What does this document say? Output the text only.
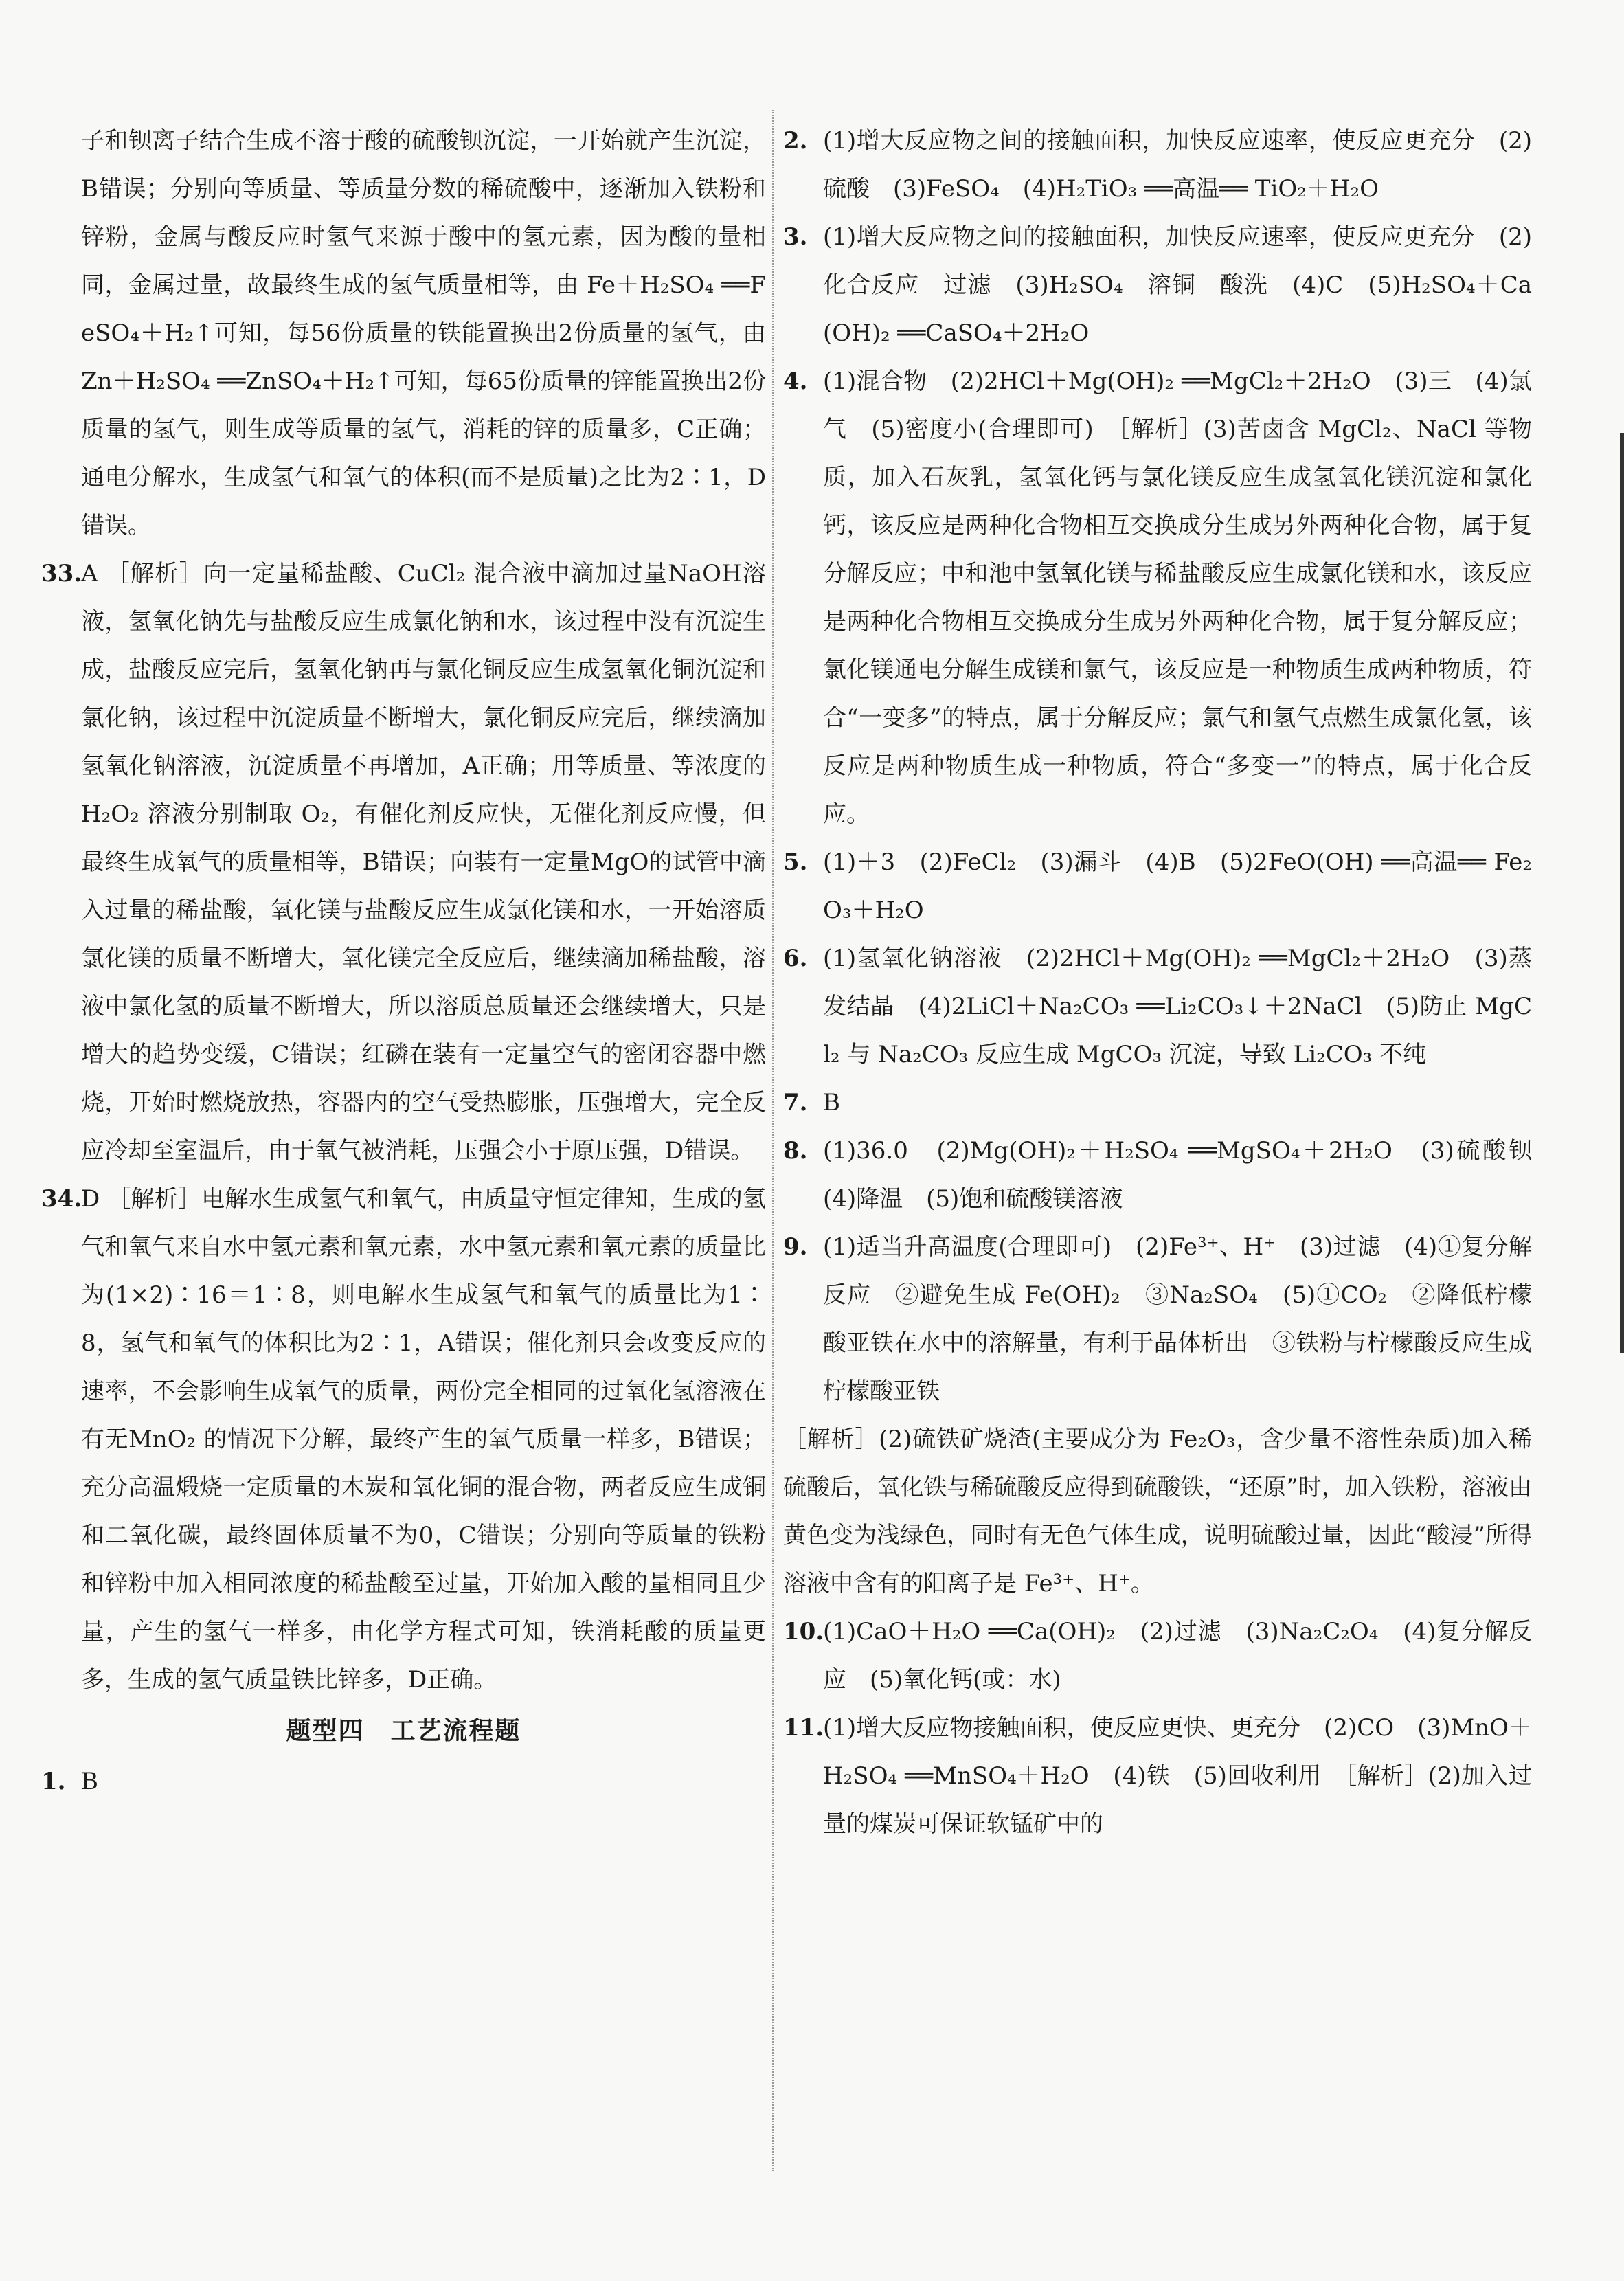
子和钡离子结合生成不溶于酸的硫酸钡沉淀，一开始就产生沉淀，B错误；分别向等质量、等质量分数的稀硫酸中，逐渐加入铁粉和锌粉，金属与酸反应时氢气来源于酸中的氢元素，因为酸的量相同，金属过量，故最终生成的氢气质量相等，由 Fe＋H₂SO₄ ══FeSO₄＋H₂↑可知，每56份质量的铁能置换出2份质量的氢气，由 Zn＋H₂SO₄ ══ZnSO₄＋H₂↑可知，每65份质量的锌能置换出2份质量的氢气，则生成等质量的氢气，消耗的锌的质量多，C正确；通电分解水，生成氢气和氧气的体积(而不是质量)之比为2∶1，D错误。

33.

A ［解析］向一定量稀盐酸、CuCl₂ 混合液中滴加过量NaOH溶液，氢氧化钠先与盐酸反应生成氯化钠和水，该过程中没有沉淀生成，盐酸反应完后，氢氧化钠再与氯化铜反应生成氢氧化铜沉淀和氯化钠，该过程中沉淀质量不断增大，氯化铜反应完后，继续滴加氢氧化钠溶液，沉淀质量不再增加，A正确；用等质量、等浓度的H₂O₂ 溶液分别制取 O₂，有催化剂反应快，无催化剂反应慢，但最终生成氧气的质量相等，B错误；向装有一定量MgO的试管中滴入过量的稀盐酸，氧化镁与盐酸反应生成氯化镁和水，一开始溶质氯化镁的质量不断增大，氧化镁完全反应后，继续滴加稀盐酸，溶液中氯化氢的质量不断增大，所以溶质总质量还会继续增大，只是增大的趋势变缓，C错误；红磷在装有一定量空气的密闭容器中燃烧，开始时燃烧放热，容器内的空气受热膨胀，压强增大，完全反应冷却至室温后，由于氧气被消耗，压强会小于原压强，D错误。

34.

D ［解析］电解水生成氢气和氧气，由质量守恒定律知，生成的氢气和氧气来自水中氢元素和氧元素，水中氢元素和氧元素的质量比为(1×2)∶16＝1∶8，则电解水生成氢气和氧气的质量比为1∶8，氢气和氧气的体积比为2∶1，A错误；催化剂只会改变反应的速率，不会影响生成氧气的质量，两份完全相同的过氧化氢溶液在有无MnO₂ 的情况下分解，最终产生的氧气质量一样多，B错误；充分高温煅烧一定质量的木炭和氧化铜的混合物，两者反应生成铜和二氧化碳，最终固体质量不为0，C错误；分别向等质量的铁粉和锌粉中加入相同浓度的稀盐酸至过量，开始加入酸的量相同且少量，产生的氢气一样多，由化学方程式可知，铁消耗酸的质量更多，生成的氢气质量铁比锌多，D正确。

题型四　工艺流程题
1. B

2. (1)增大反应物之间的接触面积，加快反应速率，使反应更充分　(2)硫酸　(3)FeSO₄　(4)H₂TiO₃ ══高温══ TiO₂＋H₂O

3. (1)增大反应物之间的接触面积，加快反应速率，使反应更充分　(2)化合反应　过滤　(3)H₂SO₄　溶铜　酸洗　(4)C　(5)H₂SO₄＋Ca(OH)₂ ══CaSO₄＋2H₂O

4. (1)混合物　(2)2HCl＋Mg(OH)₂ ══MgCl₂＋2H₂O　(3)三　(4)氯气　(5)密度小(合理即可)　［解析］(3)苦卤含 MgCl₂、NaCl 等物质，加入石灰乳，氢氧化钙与氯化镁反应生成氢氧化镁沉淀和氯化钙，该反应是两种化合物相互交换成分生成另外两种化合物，属于复分解反应；中和池中氢氧化镁与稀盐酸反应生成氯化镁和水，该反应是两种化合物相互交换成分生成另外两种化合物，属于复分解反应；氯化镁通电分解生成镁和氯气，该反应是一种物质生成两种物质，符合“一变多”的特点，属于分解反应；氯气和氢气点燃生成氯化氢，该反应是两种物质生成一种物质，符合“多变一”的特点，属于化合反应。

5. (1)＋3　(2)FeCl₂　(3)漏斗　(4)B　(5)2FeO(OH) ══高温══ Fe₂O₃＋H₂O

6. (1)氢氧化钠溶液　(2)2HCl＋Mg(OH)₂ ══MgCl₂＋2H₂O　(3)蒸发结晶　(4)2LiCl＋Na₂CO₃ ══Li₂CO₃↓＋2NaCl　(5)防止 MgCl₂ 与 Na₂CO₃ 反应生成 MgCO₃ 沉淀，导致 Li₂CO₃ 不纯

7. B

8. (1)36.0　(2)Mg(OH)₂＋H₂SO₄ ══MgSO₄＋2H₂O　(3)硫酸钡　(4)降温　(5)饱和硫酸镁溶液

9. (1)适当升高温度(合理即可)　(2)Fe³⁺、H⁺　(3)过滤　(4)①复分解反应　②避免生成 Fe(OH)₂　③Na₂SO₄　(5)①CO₂　②降低柠檬酸亚铁在水中的溶解量，有利于晶体析出　③铁粉与柠檬酸反应生成柠檬酸亚铁

［解析］(2)硫铁矿烧渣(主要成分为 Fe₂O₃，含少量不溶性杂质)加入稀硫酸后，氧化铁与稀硫酸反应得到硫酸铁，“还原”时，加入铁粉，溶液由黄色变为浅绿色，同时有无色气体生成，说明硫酸过量，因此“酸浸”所得溶液中含有的阳离子是 Fe³⁺、H⁺。

10.

(1)CaO＋H₂O ══Ca(OH)₂　(2)过滤　(3)Na₂C₂O₄　(4)复分解反应　(5)氧化钙(或：水)

11.

(1)增大反应物接触面积，使反应更快、更充分　(2)CO　(3)MnO＋H₂SO₄ ══MnSO₄＋H₂O　(4)铁　(5)回收利用　［解析］(2)加入过量的煤炭可保证软锰矿中的
